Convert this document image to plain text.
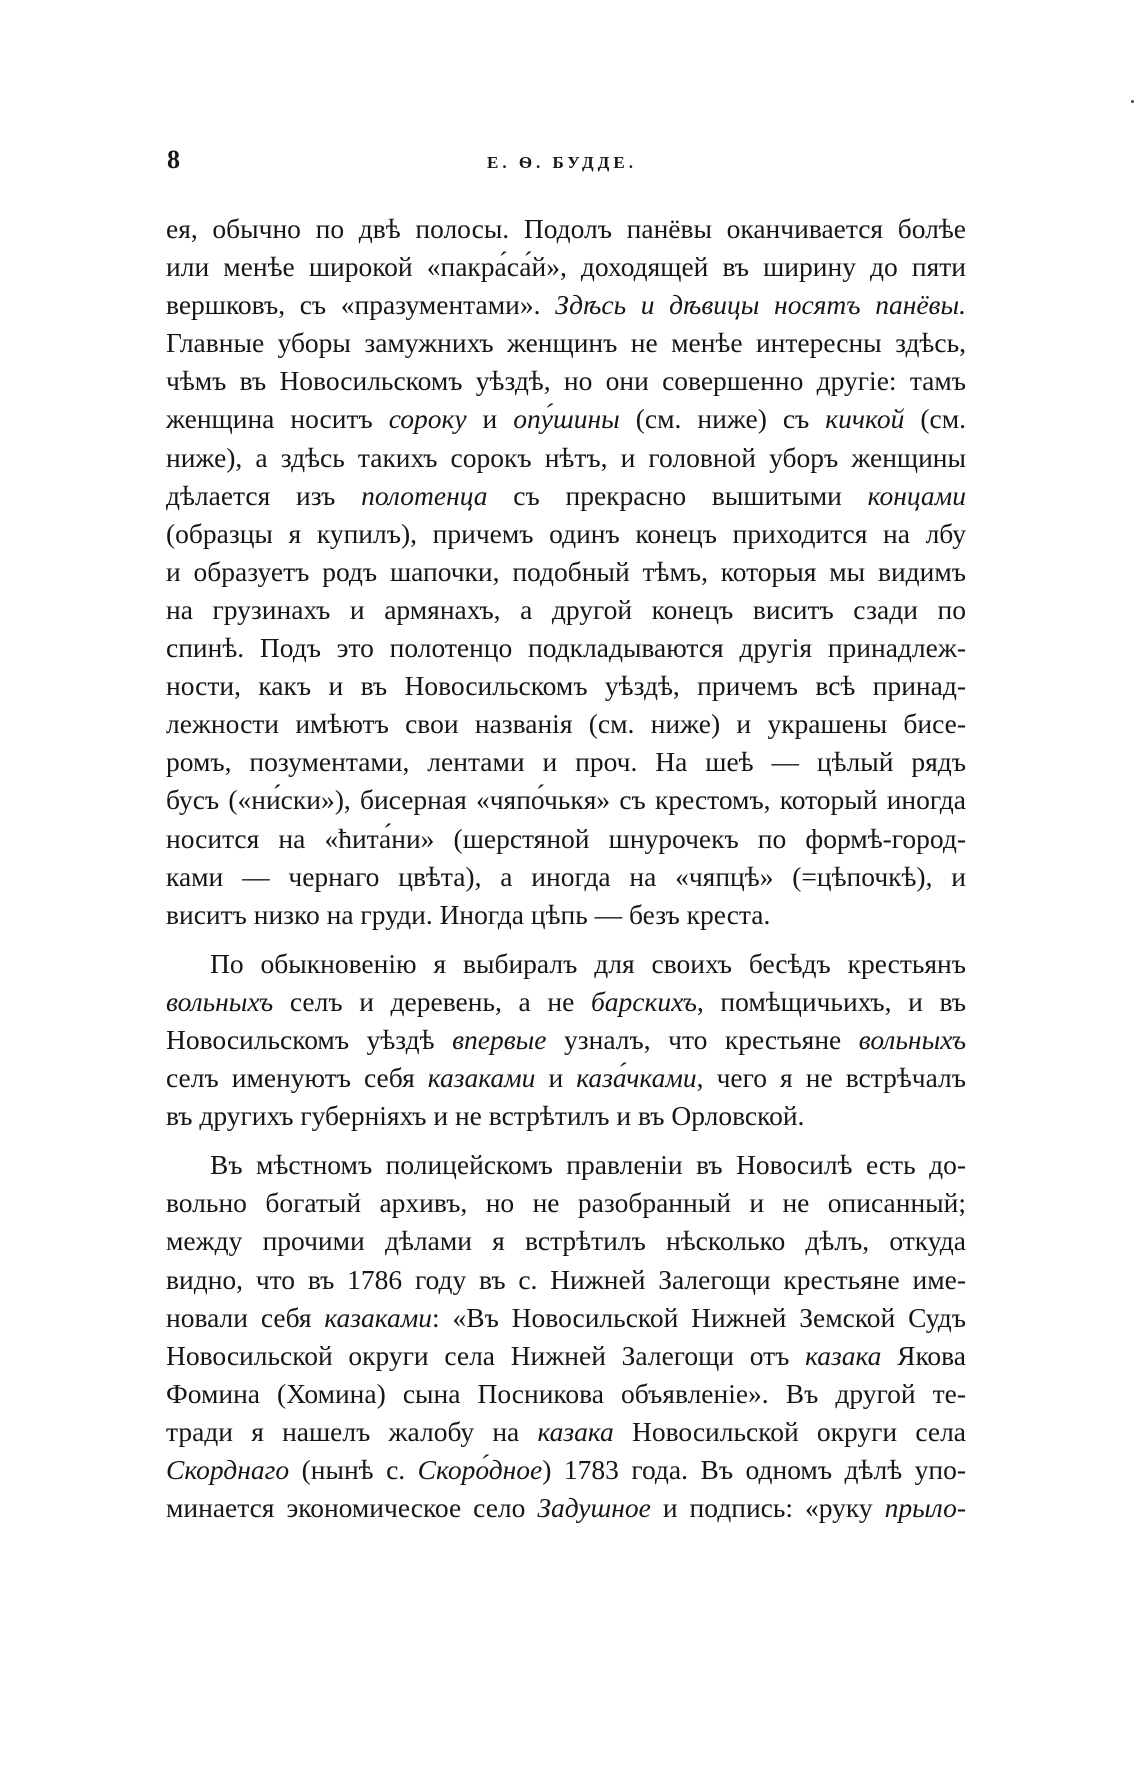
8	Е. Ѳ. БУДДЕ.
ея, обычно по двѣ полосы. Подолъ панёвы оканчивается болѣе
или менѣе широкой «пакра́са́й», доходящей въ ширину до пяти
вершковъ, съ «празументами». Здѣсь и дѣвицы носятъ панёвы.
Главные уборы замужнихъ женщинъ не менѣе интересны здѣсь,
чѣмъ въ Новосильскомъ уѣздѣ, но они совершенно другіе: тамъ
женщина носитъ сороку и опу́шины (см. ниже) съ кичкой (см.
ниже), а здѣсь такихъ сорокъ нѣтъ, и головной уборъ женщины
дѣлается изъ полотенца съ прекрасно вышитыми концами
(образцы я купилъ), причемъ одинъ конецъ приходится на лбу
и образуетъ родъ шапочки, подобный тѣмъ, которыя мы видимъ
на грузинахъ и армянахъ, а другой конецъ виситъ сзади по
спинѣ. Подъ это полотенцо подкладываются другія принадлеж-
ности, какъ и въ Новосильскомъ уѣздѣ, причемъ всѣ принад-
лежности имѣютъ свои названія (см. ниже) и украшены бисе-
ромъ, позументами, лентами и проч. На шеѣ — цѣлый рядъ
бусъ («ни́ски»), бисерная «чяпо́чькя» съ крестомъ, который иногда
носится на «ћита́ни» (шерстяной шнурочекъ по формѣ-город-
ками — чернаго цвѣта), а иногда на «чяпцѣ» (=цѣпочкѣ), и
виситъ низко на груди. Иногда цѣпь — безъ креста.
По обыкновенію я выбиралъ для своихъ бесѣдъ крестьянъ
вольныхъ селъ и деревень, а не барскихъ, помѣщичьихъ, и въ
Новосильскомъ уѣздѣ впервые узналъ, что крестьяне вольныхъ
селъ именуютъ себя казаками и каза́чками, чего я не встрѣчалъ
въ другихъ губерніяхъ и не встрѣтилъ и въ Орловской.
Въ мѣстномъ полицейскомъ правленіи въ Новосилѣ есть до-
вольно богатый архивъ, но не разобранный и не описанный;
между прочими дѣлами я встрѣтилъ нѣсколько дѣлъ, откуда
видно, что въ 1786 году въ с. Нижней Залегощи крестьяне име-
новали себя казаками: «Въ Новосильской Нижней Земской Судъ
Новосильской округи села Нижней Залегощи отъ казака Якова
Фомина (Хомина) сына Посникова объявленіе». Въ другой те-
тради я нашелъ жалобу на казака Новосильской округи села
Скорднаго (нынѣ с. Скоро́дное) 1783 года. Въ одномъ дѣлѣ упо-
минается экономическое село Задушное и подпись: «руку прыло-
